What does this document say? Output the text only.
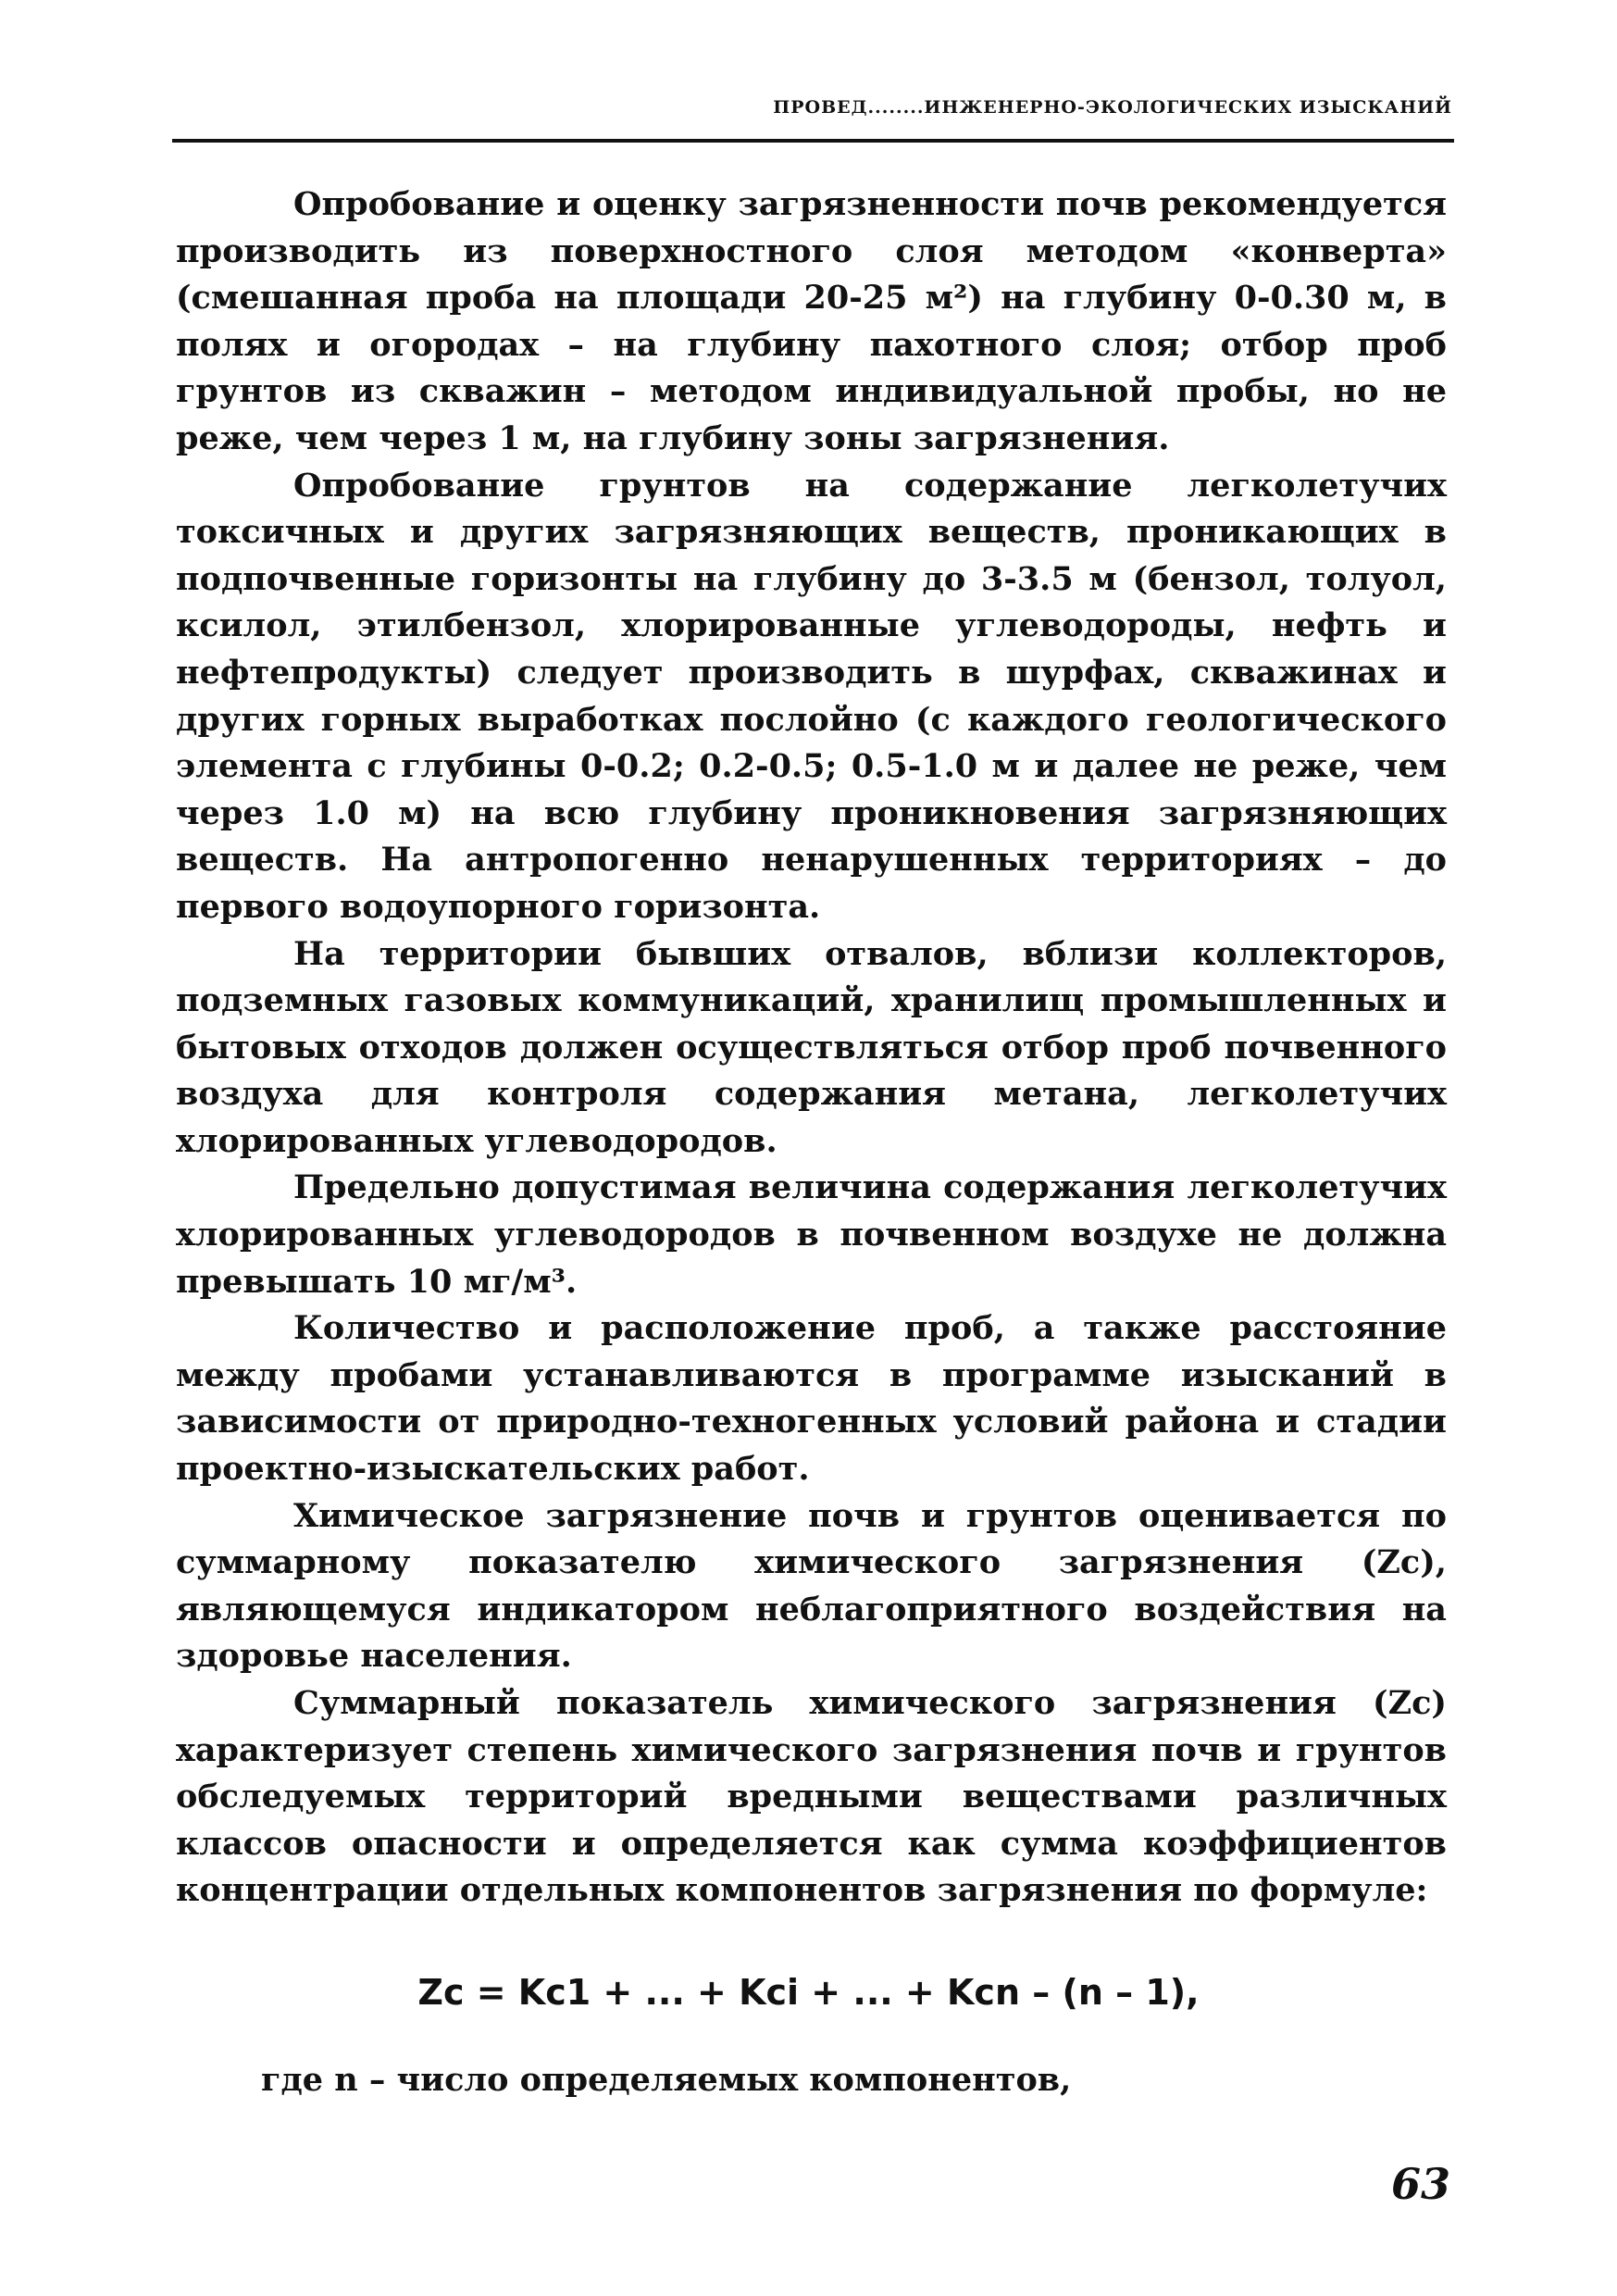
ПРОВЕД........ИНЖЕНЕРНО-ЭКОЛОГИЧЕСКИХ ИЗЫСКАНИЙ

Опробование и оценку загрязненности почв рекомендуется производить из поверхностного слоя методом «конверта» (смешанная проба на площади 20-25 м²) на глубину 0-0.30 м, в полях и огородах – на глубину пахотного слоя; отбор проб грунтов из скважин – методом индивидуальной пробы, но не реже, чем через 1 м, на глубину зоны загрязнения.

Опробование грунтов на содержание легколетучих токсичных и других загрязняющих веществ, проникающих в подпочвенные горизонты на глубину до 3-3.5 м (бензол, толуол, ксилол, этилбензол, хлорированные углеводороды, нефть и нефтепродукты) следует производить в шурфах, скважинах и других горных выработках послойно (с каждого геологического элемента с глубины 0-0.2; 0.2-0.5; 0.5-1.0 м и далее не реже, чем через 1.0 м) на всю глубину проникновения загрязняющих веществ. На антропогенно ненарушенных территориях – до первого водоупорного горизонта.

На территории бывших отвалов, вблизи коллекторов, подземных газовых коммуникаций, хранилищ промышленных и бытовых отходов должен осуществляться отбор проб почвенного воздуха для контроля содержания метана, легколетучих хлорированных углеводородов.

Предельно допустимая величина содержания легколетучих хлорированных углеводородов в почвенном воздухе не должна превышать 10 мг/м³.

Количество и расположение проб, а также расстояние между пробами устанавливаются в программе изысканий в зависимости от природно-техногенных условий района и стадии проектно-изыскательских работ.

Химическое загрязнение почв и грунтов оценивается по суммарному показателю химического загрязнения (Zc), являющемуся индикатором неблагоприятного воздействия на здоровье населения.

Суммарный показатель химического загрязнения (Zc) характеризует степень химического загрязнения почв и грунтов обследуемых территорий вредными веществами различных классов опасности и определяется как сумма коэффициентов концентрации отдельных компонентов загрязнения по формуле:

Zc = Kc1 + ... + Kci + ... + Kcn – (n – 1),
где n – число определяемых компонентов,
63
